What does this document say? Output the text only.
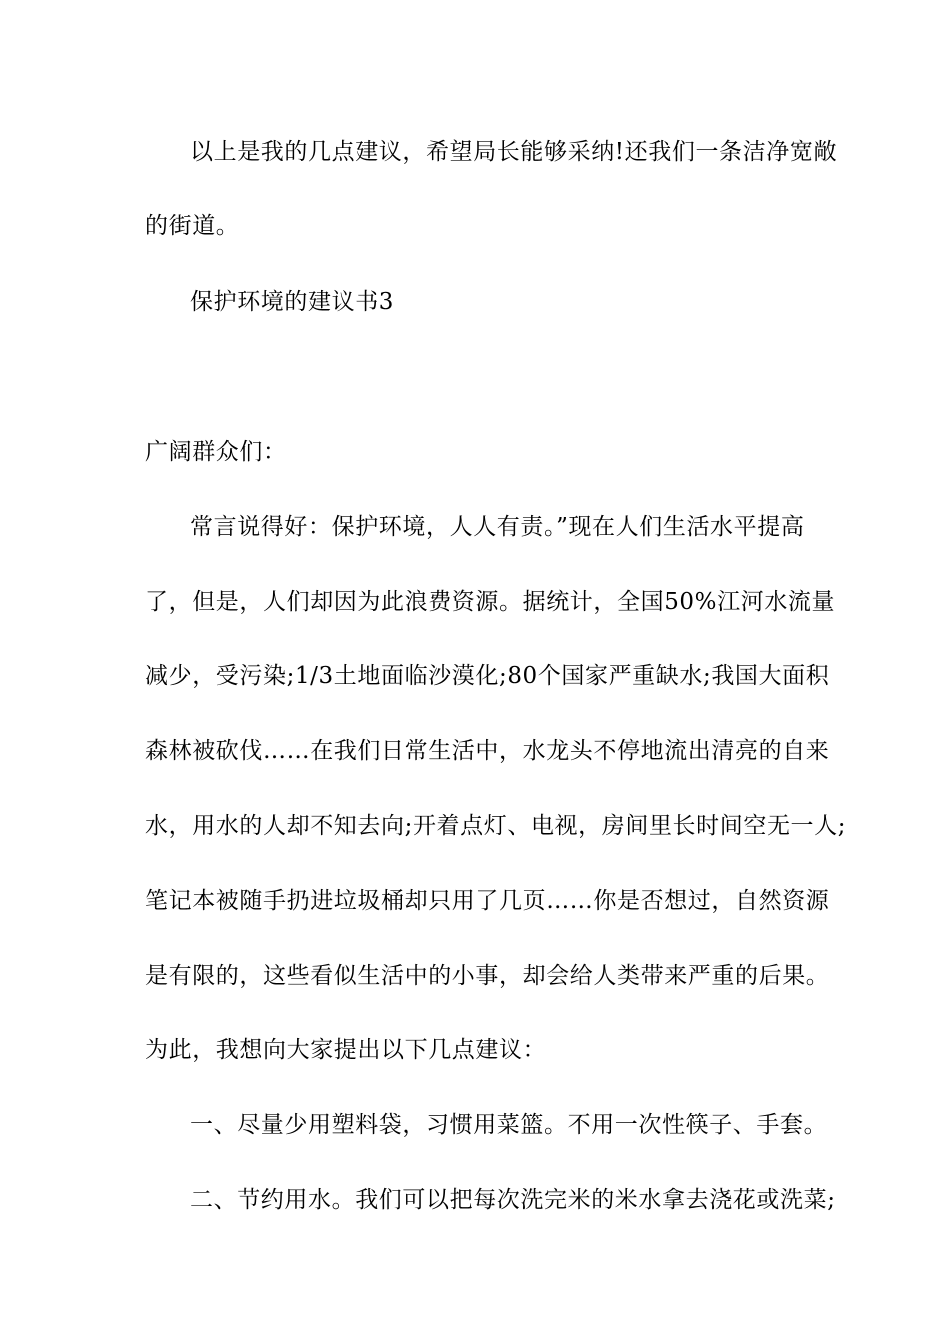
以上是我的几点建议，希望局长能够采纳!还我们一条洁净宽敞
的街道。
保护环境的建议书3
广阔群众们：
常言说得好：保护环境，人人有责。”现在人们生活水平提高
了，但是，人们却因为此浪费资源。据统计，全国50%江河水流量
减少，受污染;1/3土地面临沙漠化;80个国家严重缺水;我国大面积
森林被砍伐……在我们日常生活中，水龙头不停地流出清亮的自来
水，用水的人却不知去向;开着点灯、电视，房间里长时间空无一人;
笔记本被随手扔进垃圾桶却只用了几页……你是否想过，自然资源
是有限的，这些看似生活中的小事，却会给人类带来严重的后果。
为此，我想向大家提出以下几点建议：
一、尽量少用塑料袋，习惯用菜篮。不用一次性筷子、手套。
二、节约用水。我们可以把每次洗完米的米水拿去浇花或洗菜;
